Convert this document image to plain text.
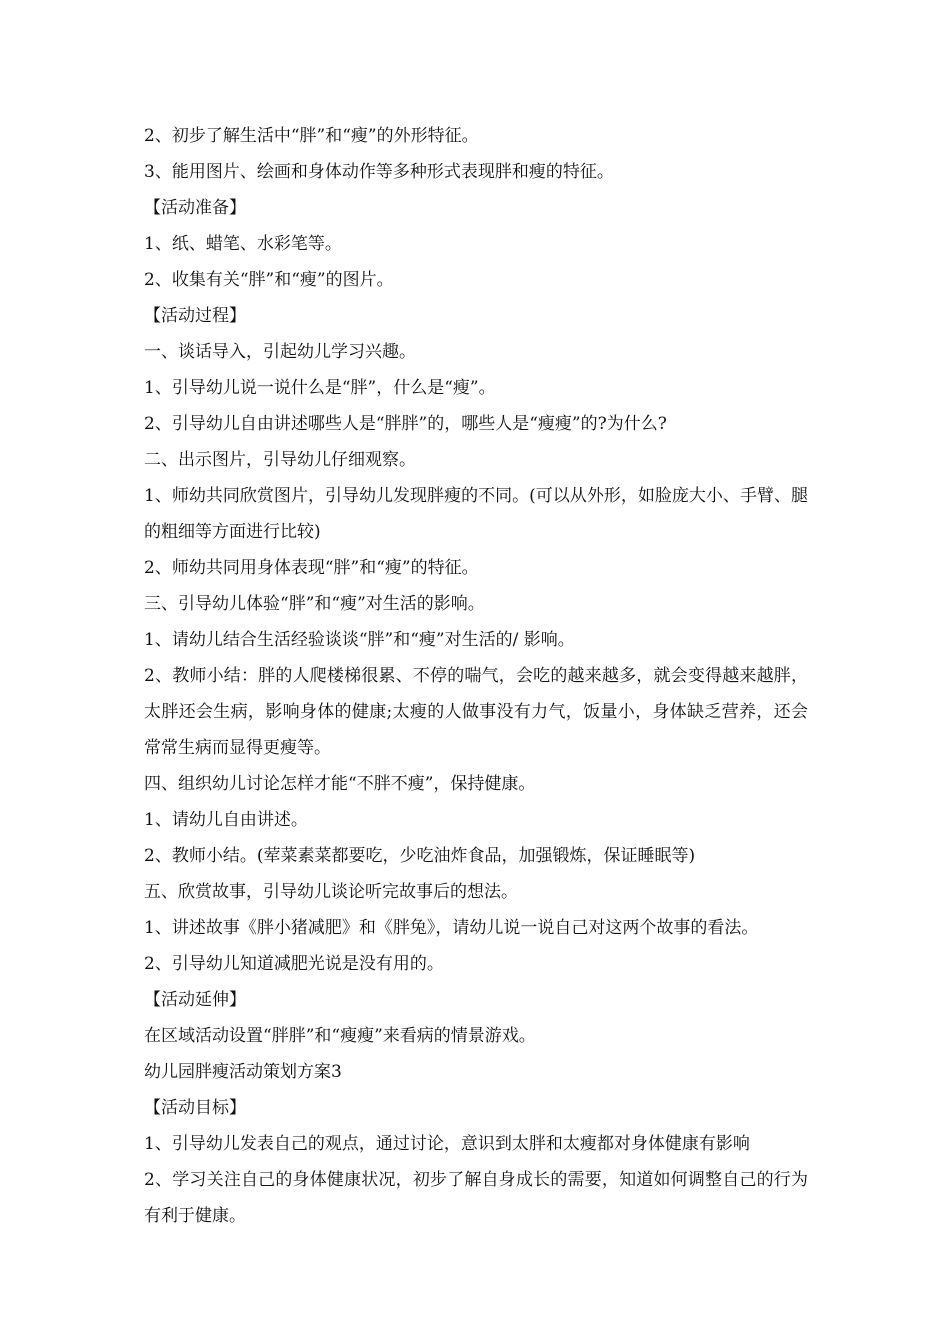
2、初步了解生活中“胖”和“瘦”的外形特征。

3、能用图片、绘画和身体动作等多种形式表现胖和瘦的特征。

【活动准备】

1、纸、蜡笔、水彩笔等。

2、收集有关“胖”和“瘦”的图片。

【活动过程】

一、谈话导入，引起幼儿学习兴趣。

1、引导幼儿说一说什么是“胖”，什么是“瘦”。

2、引导幼儿自由讲述哪些人是“胖胖”的，哪些人是“瘦瘦”的?为什么?

二、出示图片，引导幼儿仔细观察。

1、师幼共同欣赏图片，引导幼儿发现胖瘦的不同。(可以从外形，如脸庞大小、手臂、腿的粗细等方面进行比较)

2、师幼共同用身体表现“胖”和“瘦”的特征。

三、引导幼儿体验“胖”和“瘦”对生活的影响。

1、请幼儿结合生活经验谈谈“胖”和“瘦”对生活的/ 影响。

2、教师小结：胖的人爬楼梯很累、不停的喘气，会吃的越来越多，就会变得越来越胖，太胖还会生病，影响身体的健康;太瘦的人做事没有力气，饭量小，身体缺乏营养，还会常常生病而显得更瘦等。

四、组织幼儿讨论怎样才能“不胖不瘦”，保持健康。

1、请幼儿自由讲述。

2、教师小结。(荤菜素菜都要吃，少吃油炸食品，加强锻炼，保证睡眠等)

五、欣赏故事，引导幼儿谈论听完故事后的想法。

1、讲述故事《胖小猪减肥》和《胖兔》，请幼儿说一说自己对这两个故事的看法。

2、引导幼儿知道减肥光说是没有用的。

【活动延伸】

在区域活动设置“胖胖”和“瘦瘦”来看病的情景游戏。

幼儿园胖瘦活动策划方案3

【活动目标】

1、引导幼儿发表自己的观点，通过讨论，意识到太胖和太瘦都对身体健康有影响

2、学习关注自己的身体健康状况，初步了解自身成长的需要，知道如何调整自己的行为有利于健康。
